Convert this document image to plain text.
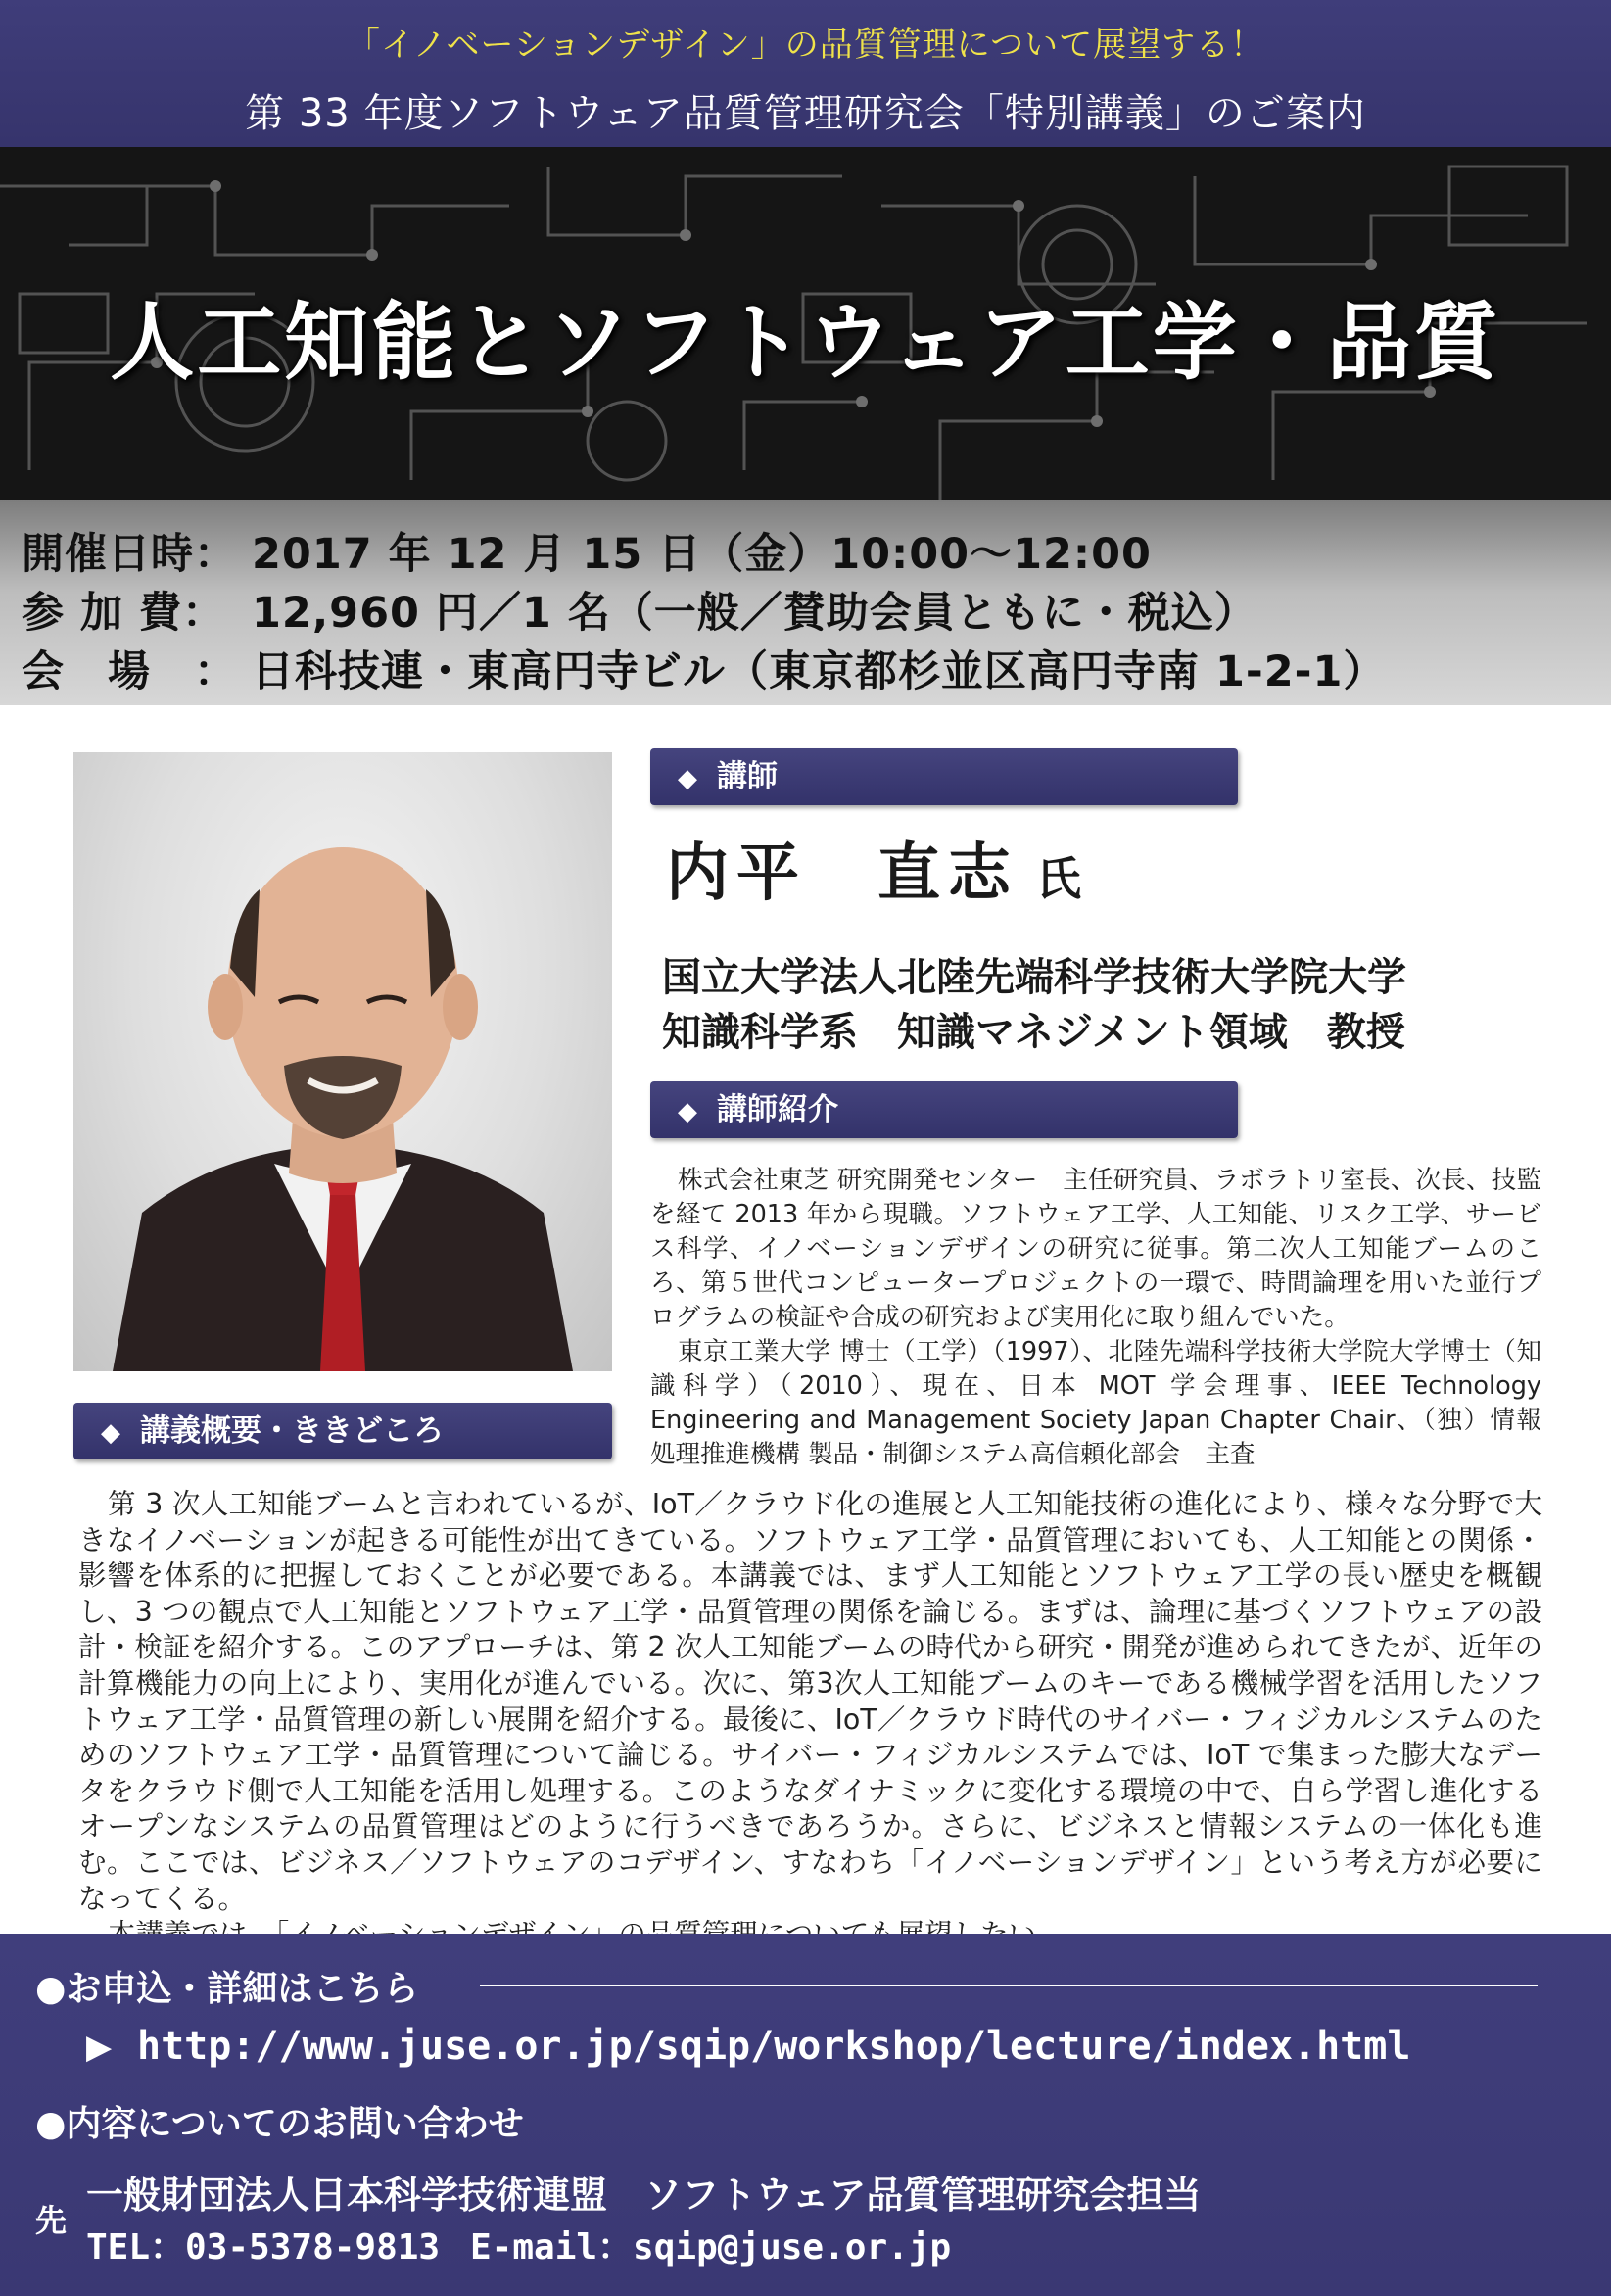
「イノベーションデザイン」の品質管理について展望する！
第 33 年度ソフトウェア品質管理研究会「特別講義」のご案内
人工知能とソフトウェア工学・品質
開催日時： 2017 年 12 月 15 日（金）10:00〜12:00
参 加 費： 12,960 円／1 名（一般／賛助会員ともに・税込）
会　場　： 日科技連・東高円寺ビル（東京都杉並区高円寺南 1-2-1）
◆ 講師
内平　直志 氏
国立大学法人北陸先端科学技術大学院大学
知識科学系　知識マネジメント領域　教授
◆ 講師紹介

株式会社東芝 研究開発センター　主任研究員、ラボラトリ室長、次長、技監を経て 2013 年から現職。ソフトウェア工学、人工知能、リスク工学、サービス科学、イノベーションデザインの研究に従事。第二次人工知能ブームのころ、第５世代コンピュータープロジェクトの一環で、時間論理を用いた並行プログラムの検証や合成の研究および実用化に取り組んでいた。

東京工業大学 博士（工学）（1997）、北陸先端科学技術大学院大学博士（知識科学）（2010）、現在、日本 MOT 学会理事、IEEE Technology Engineering and Management Society Japan Chapter Chair、（独）情報処理推進機構 製品・制御システム高信頼化部会　主査

◆ 講義概要・ききどころ

第 3 次人工知能ブームと言われているが、IoT／クラウド化の進展と人工知能技術の進化により、様々な分野で大きなイノベーションが起きる可能性が出てきている。ソフトウェア工学・品質管理においても、人工知能との関係・影響を体系的に把握しておくことが必要である。本講義では、まず人工知能とソフトウェア工学の長い歴史を概観し、3 つの観点で人工知能とソフトウェア工学・品質管理の関係を論じる。まずは、論理に基づくソフトウェアの設計・検証を紹介する。このアプローチは、第 2 次人工知能ブームの時代から研究・開発が進められてきたが、近年の計算機能力の向上により、実用化が進んでいる。次に、第3次人工知能ブームのキーである機械学習を活用したソフトウェア工学・品質管理の新しい展開を紹介する。最後に、IoT／クラウド時代のサイバー・フィジカルシステムのためのソフトウェア工学・品質管理について論じる。サイバー・フィジカルシステムでは、IoT で集まった膨大なデータをクラウド側で人工知能を活用し処理する。このようなダイナミックに変化する環境の中で、自ら学習し進化するオープンなシステムの品質管理はどのように行うべきであろうか。さらに、ビジネスと情報システムの一体化も進む。ここでは、ビジネス／ソフトウェアのコデザイン、すなわち「イノベーションデザイン」という考え方が必要になってくる。

●お申込・詳細はこちら
▶ http://www.juse.or.jp/sqip/workshop/lecture/index.html
●内容についてのお問い合わせ
一般財団法人日本科学技術連盟　ソフトウェア品質管理研究会担当
先
TEL：03-5378-9813 E-mail：sqip@juse.or.jp
